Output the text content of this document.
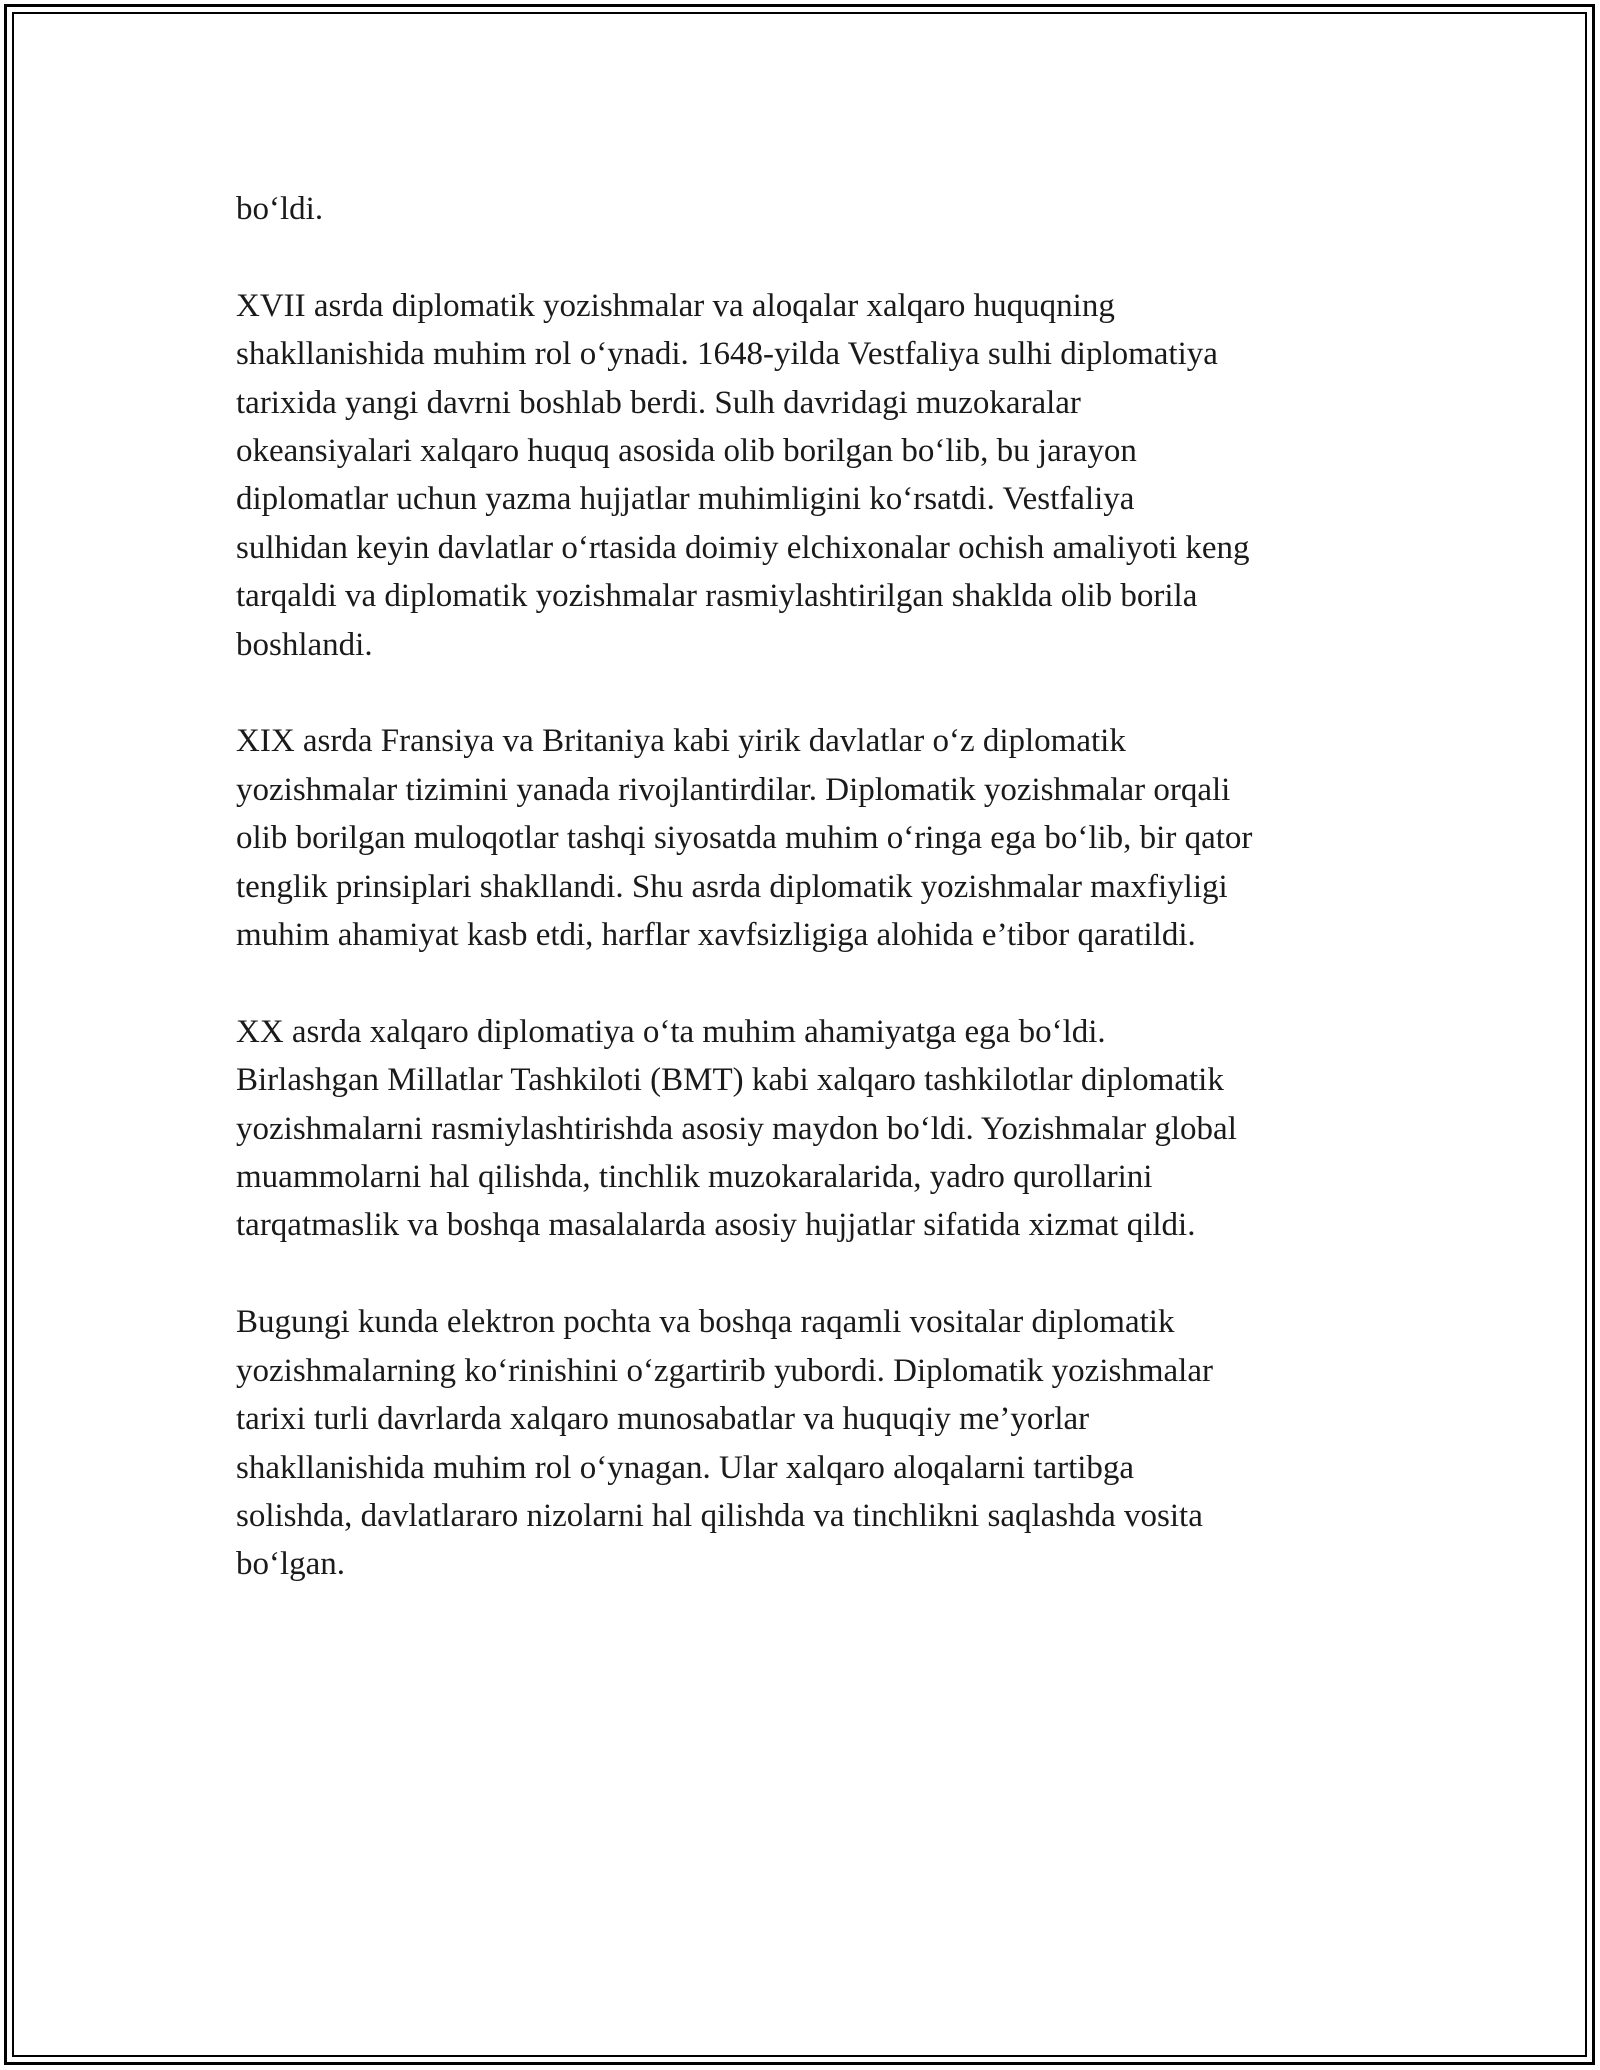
bo‘ldi.
XVII asrda diplomatik yozishmalar va aloqalar xalqaro huquqning
shakllanishida muhim rol o‘ynadi. 1648-yilda Vestfaliya sulhi diplomatiya
tarixida yangi davrni boshlab berdi. Sulh davridagi muzokaralar
okeansiyalari xalqaro huquq asosida olib borilgan bo‘lib, bu jarayon
diplomatlar uchun yazma hujjatlar muhimligini ko‘rsatdi. Vestfaliya
sulhidan keyin davlatlar o‘rtasida doimiy elchixonalar ochish amaliyoti keng
tarqaldi va diplomatik yozishmalar rasmiylashtirilgan shaklda olib borila
boshlandi.
XIX asrda Fransiya va Britaniya kabi yirik davlatlar o‘z diplomatik
yozishmalar tizimini yanada rivojlantirdilar. Diplomatik yozishmalar orqali
olib borilgan muloqotlar tashqi siyosatda muhim o‘ringa ega bo‘lib, bir qator
tenglik prinsiplari shakllandi. Shu asrda diplomatik yozishmalar maxfiyligi
muhim ahamiyat kasb etdi, harflar xavfsizligiga alohida e’tibor qaratildi.
XX asrda xalqaro diplomatiya o‘ta muhim ahamiyatga ega bo‘ldi.
Birlashgan Millatlar Tashkiloti (BMT) kabi xalqaro tashkilotlar diplomatik
yozishmalarni rasmiylashtirishda asosiy maydon bo‘ldi. Yozishmalar global
muammolarni hal qilishda, tinchlik muzokaralarida, yadro qurollarini
tarqatmaslik va boshqa masalalarda asosiy hujjatlar sifatida xizmat qildi.
Bugungi kunda elektron pochta va boshqa raqamli vositalar diplomatik
yozishmalarning ko‘rinishini o‘zgartirib yubordi. Diplomatik yozishmalar
tarixi turli davrlarda xalqaro munosabatlar va huquqiy me’yorlar
shakllanishida muhim rol o‘ynagan. Ular xalqaro aloqalarni tartibga
solishda, davlatlararo nizolarni hal qilishda va tinchlikni saqlashda vosita
bo‘lgan.
